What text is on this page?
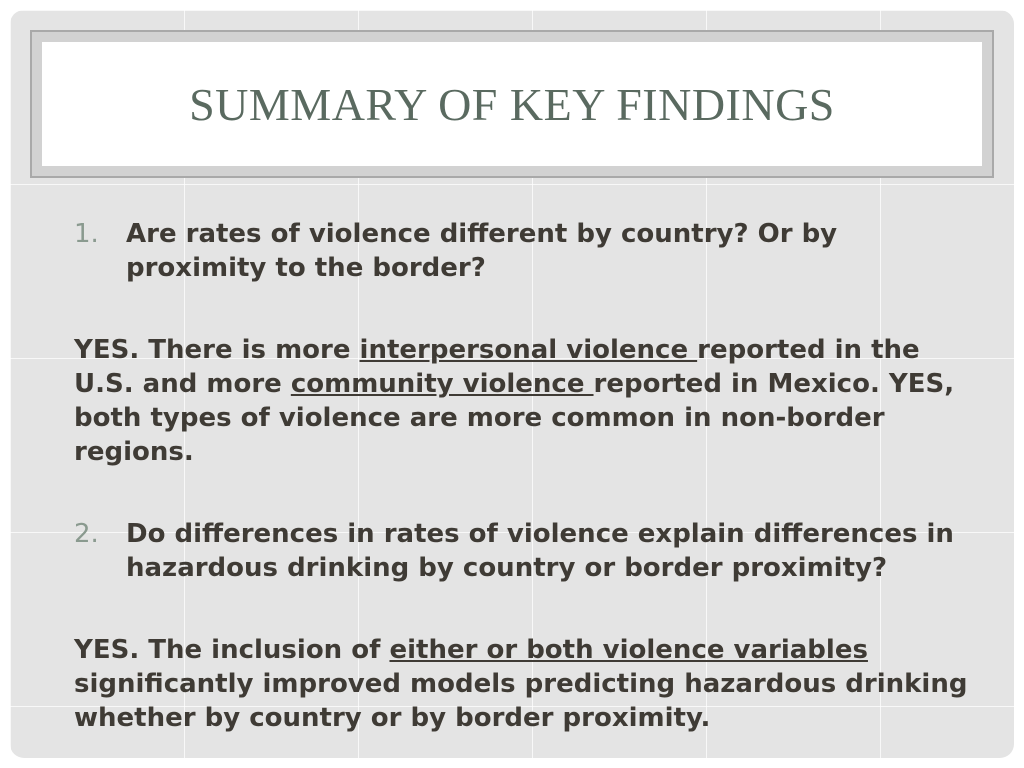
SUMMARY OF KEY FINDINGS
1.	Are rates of violence different by country? Or by proximity to the border?

YES. There is more interpersonal violence reported in the U.S. and more community violence reported in Mexico. YES, both types of violence are more common in non-border regions.

2.	Do differences in rates of violence explain differences in hazardous drinking by country or border proximity?

YES. The inclusion of either or both violence variables significantly improved models predicting hazardous drinking whether by country or by border proximity.
